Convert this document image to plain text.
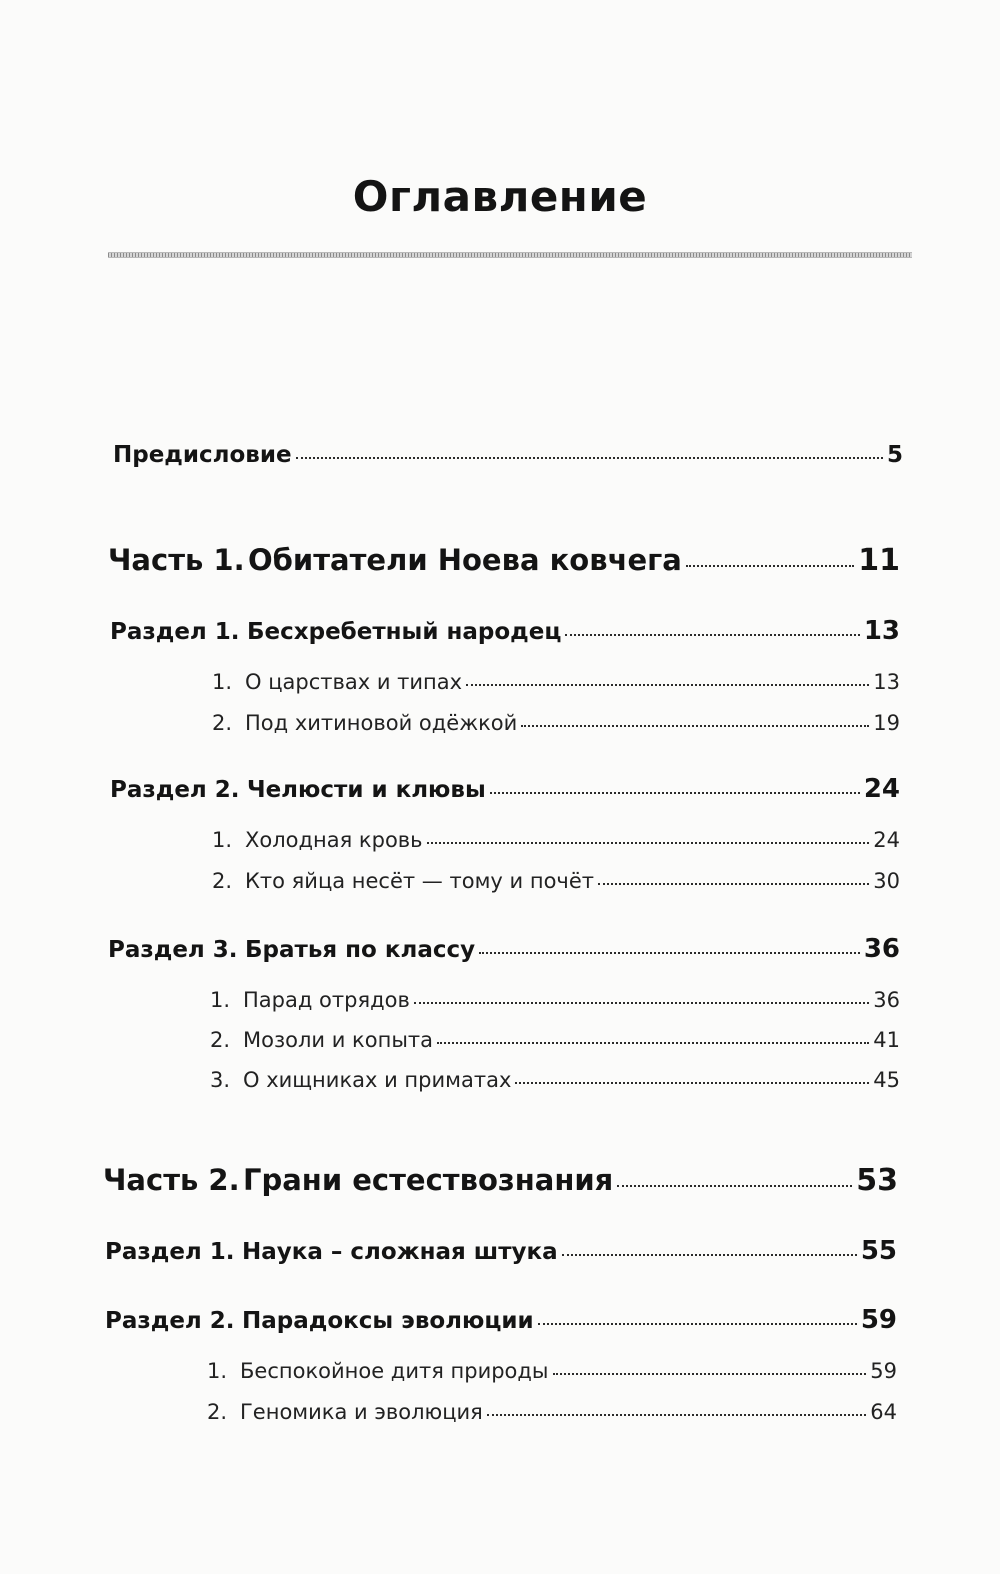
Оглавление
Предисловие	5
Часть 1. Обитатели Ноева ковчега	11
Раздел 1. Бесхребетный народец	13
1. О царствах и типах	13
2. Под хитиновой одёжкой	19
Раздел 2. Челюсти и клювы	24
1. Холодная кровь	24
2. Кто яйца несёт — тому и почёт	30
Раздел 3. Братья по классу	36
1. Парад отрядов	36
2. Мозоли и копыта	41
3. О хищниках и приматах	45
Часть 2. Грани естествознания	53
Раздел 1. Наука – сложная штука	55
Раздел 2. Парадоксы эволюции	59
1. Беспокойное дитя природы	59
2. Геномика и эволюция	64
